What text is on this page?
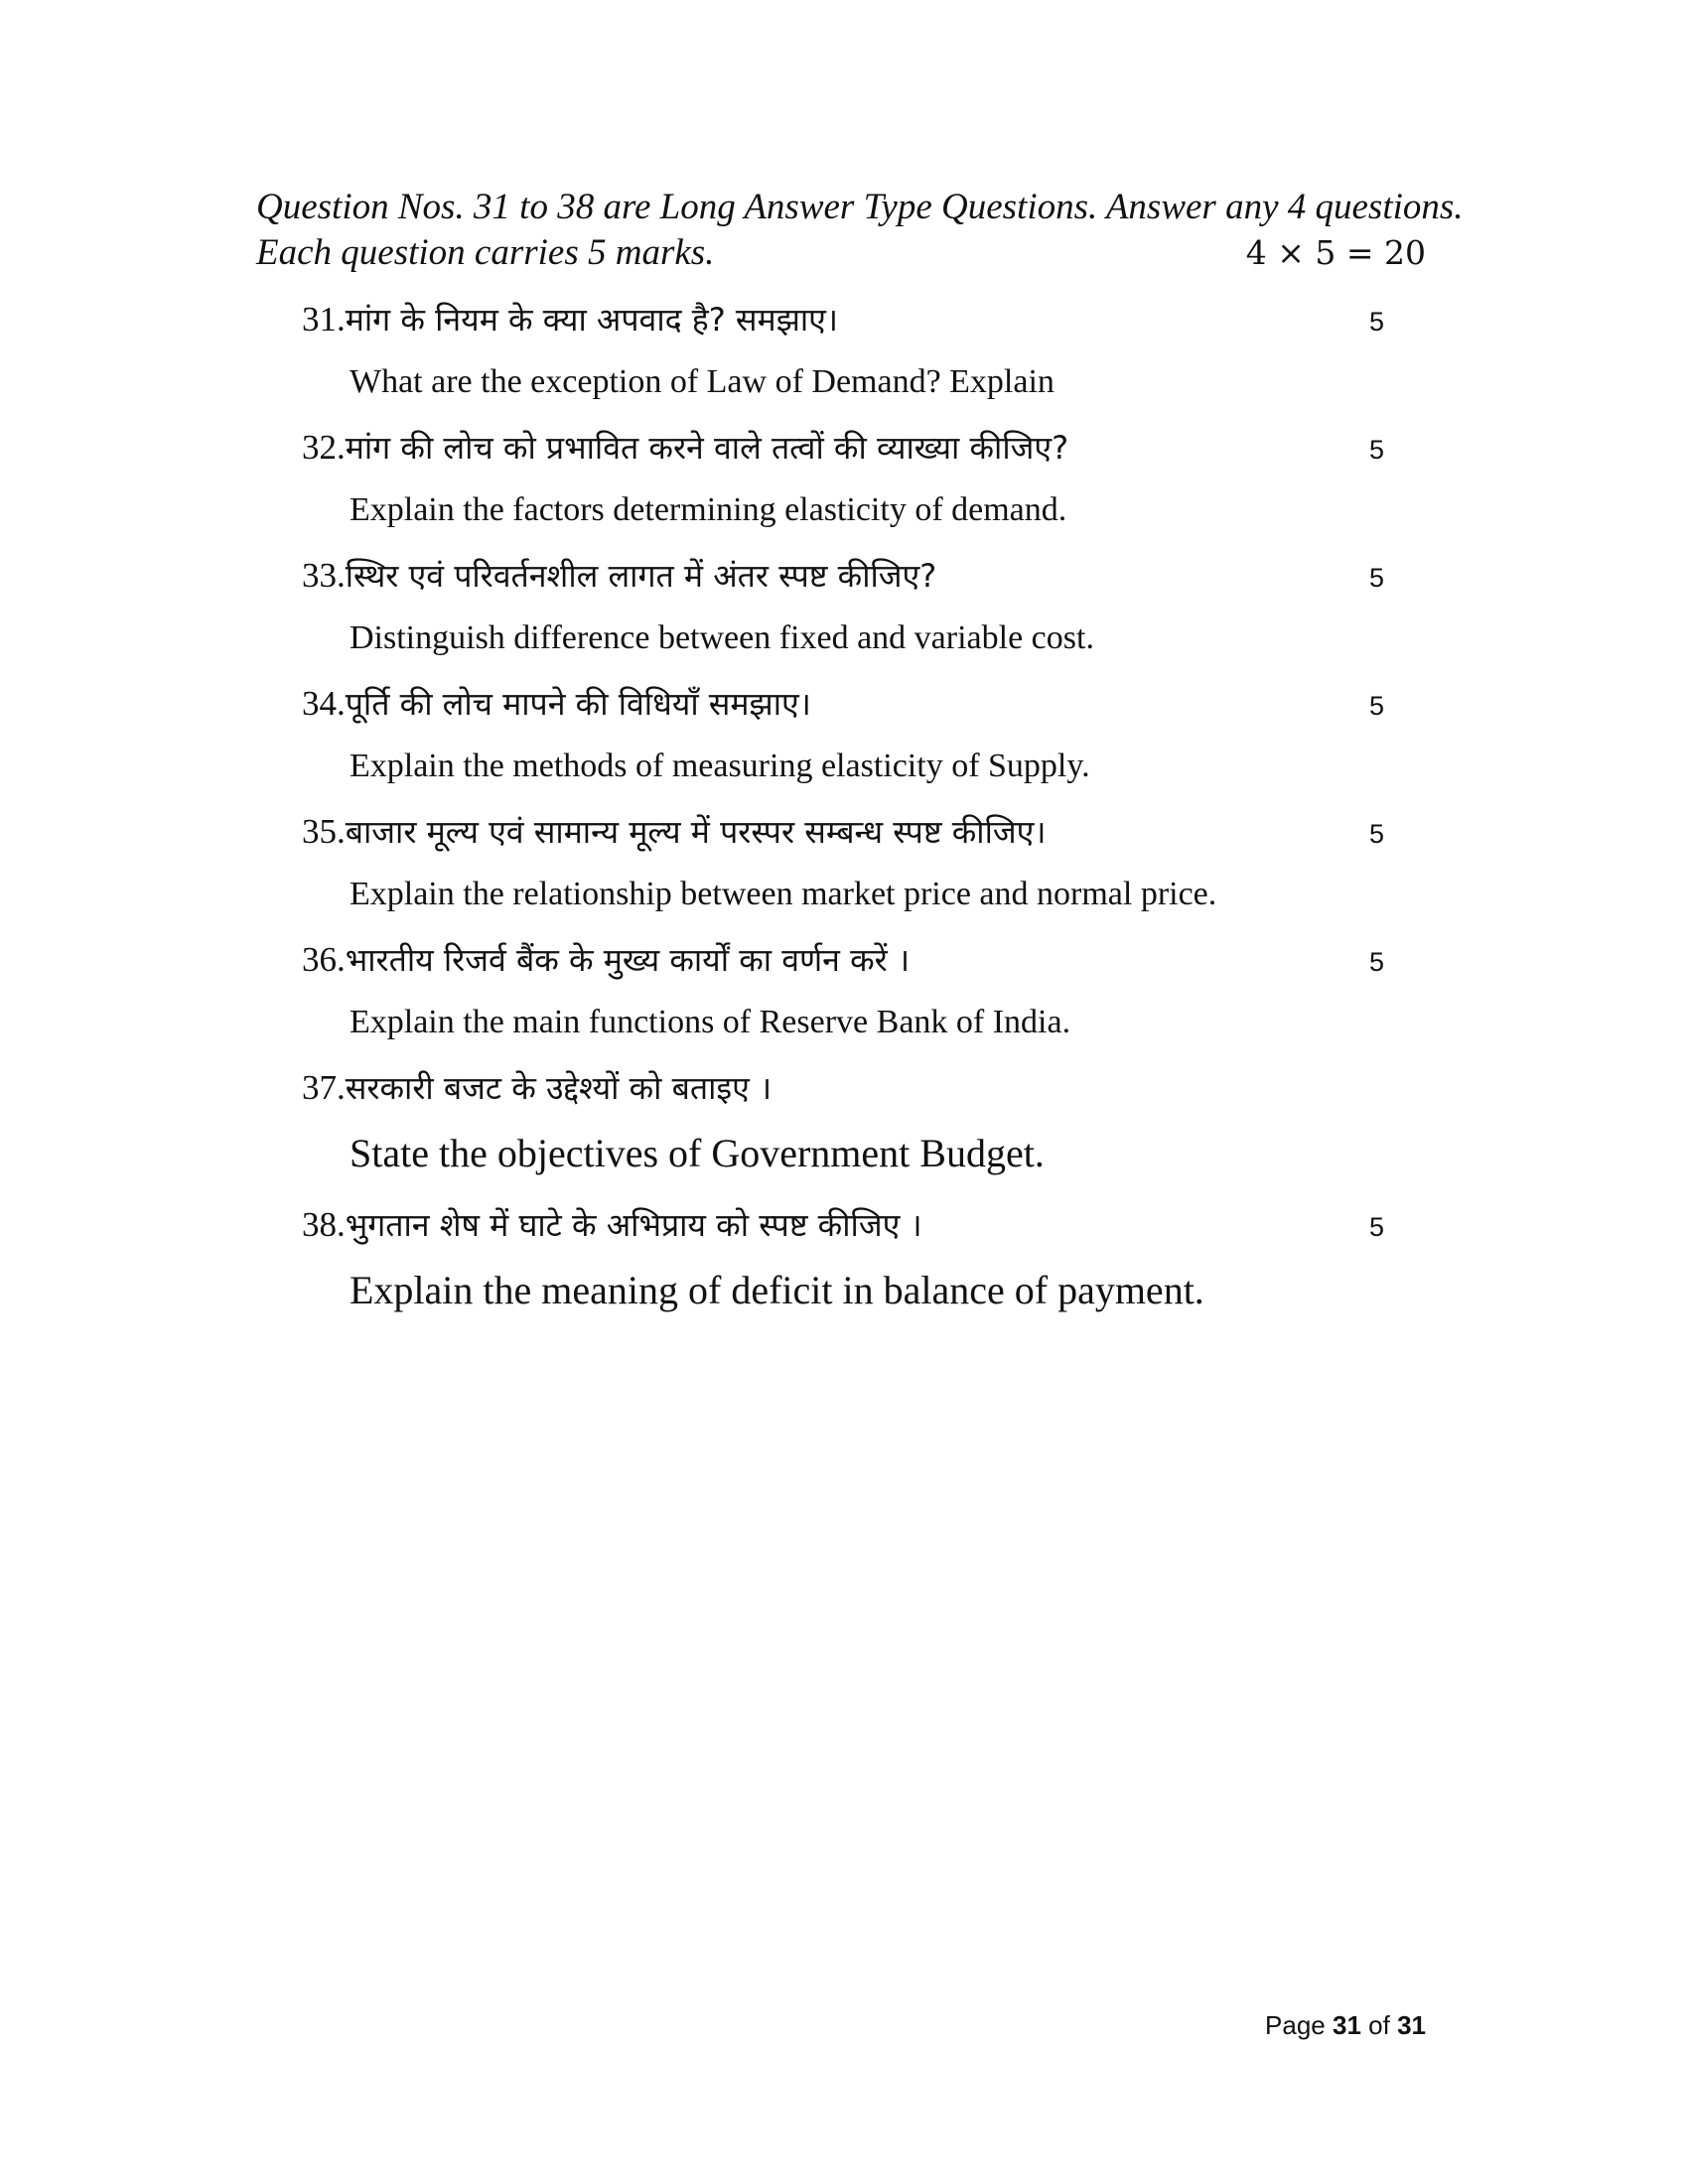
Question Nos. 31 to 38 are Long Answer Type Questions. Answer any 4 questions.
Each question carries 5 marks.	4 × 5 = 20
31.मांग के नियम के क्या अपवाद है? समझाए।	5
What are the exception of Law of Demand? Explain
32.मांग की लोच को प्रभावित करने वाले तत्वों की व्याख्या कीजिए?	5
Explain the factors determining elasticity of demand.
33.स्थिर एवं परिवर्तनशील लागत में अंतर स्पष्ट कीजिए?	5
Distinguish difference between fixed and variable cost.
34.पूर्ति की लोच मापने की विधियाँ समझाए।	5
Explain the methods of measuring elasticity of Supply.
35.बाजार मूल्य एवं सामान्य मूल्य में परस्पर सम्बन्ध स्पष्ट कीजिए।	5
Explain the relationship between market price and normal price.
36.भारतीय रिजर्व बैंक के मुख्य कार्यों का वर्णन करें ।	5
Explain the main functions of Reserve Bank of India.
37.सरकारी बजट के उद्देश्यों को बताइए ।
State the objectives of Government Budget.
38.भुगतान शेष में घाटे के अभिप्राय को स्पष्ट कीजिए ।	5
Explain the meaning of deficit in balance of payment.
Page 31 of 31
